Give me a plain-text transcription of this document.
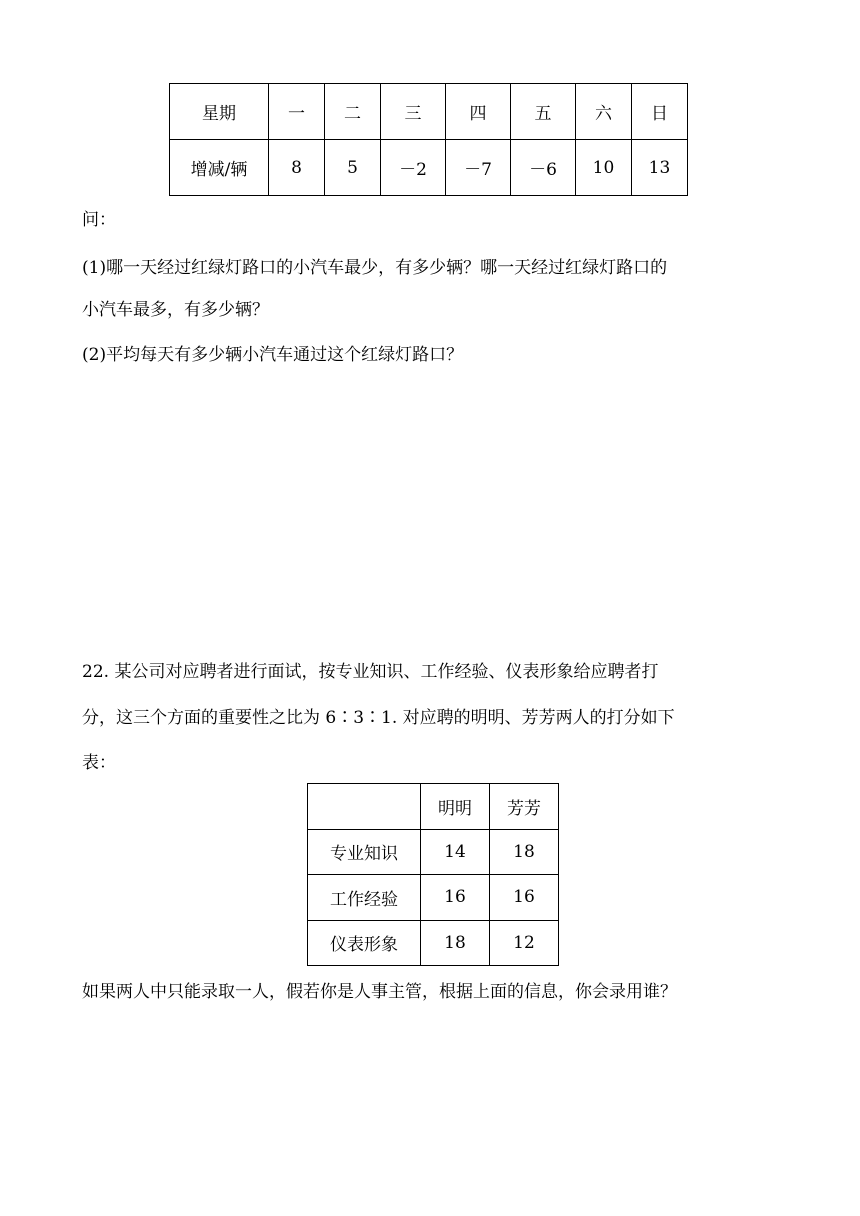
星期	一	二	三	四	五	六	日
增减/辆	8	5	－2	－7	－6	10	13
问：
(1)哪一天经过红绿灯路口的小汽车最少，有多少辆？哪一天经过红绿灯路口的
小汽车最多，有多少辆？
(2)平均每天有多少辆小汽车通过这个红绿灯路口？
22. 某公司对应聘者进行面试，按专业知识、工作经验、仪表形象给应聘者打
分，这三个方面的重要性之比为 6∶3∶1. 对应聘的明明、芳芳两人的打分如下
表：
	明明	芳芳
专业知识	14	18
工作经验	16	16
仪表形象	18	12
如果两人中只能录取一人，假若你是人事主管，根据上面的信息，你会录用谁？
